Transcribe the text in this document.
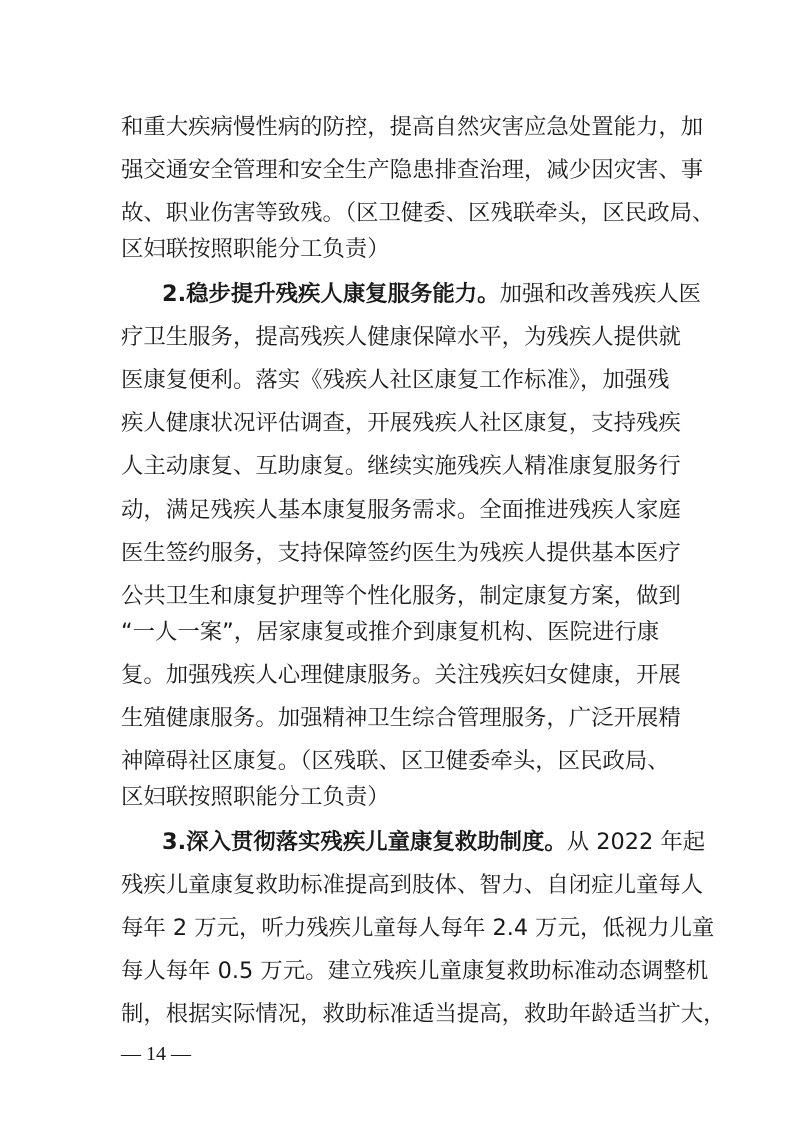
和重大疾病慢性病的防控，提高自然灾害应急处置能力，加
强交通安全管理和安全生产隐患排查治理，减少因灾害、事
故、职业伤害等致残。（区卫健委、区残联牵头，区民政局、
区妇联按照职能分工负责）
2.稳步提升残疾人康复服务能力。加强和改善残疾人医
疗卫生服务，提高残疾人健康保障水平，为残疾人提供就
医康复便利。落实《残疾人社区康复工作标准》，加强残
疾人健康状况评估调查，开展残疾人社区康复，支持残疾
人主动康复、互助康复。继续实施残疾人精准康复服务行
动，满足残疾人基本康复服务需求。全面推进残疾人家庭
医生签约服务，支持保障签约医生为残疾人提供基本医疗
公共卫生和康复护理等个性化服务，制定康复方案，做到
“一人一案”，居家康复或推介到康复机构、医院进行康
复。加强残疾人心理健康服务。关注残疾妇女健康，开展
生殖健康服务。加强精神卫生综合管理服务，广泛开展精
神障碍社区康复。（区残联、区卫健委牵头，区民政局、
区妇联按照职能分工负责）
3.深入贯彻落实残疾儿童康复救助制度。从 2022 年起
残疾儿童康复救助标准提高到肢体、智力、自闭症儿童每人
每年 2 万元，听力残疾儿童每人每年 2.4 万元，低视力儿童
每人每年 0.5 万元。建立残疾儿童康复救助标准动态调整机
制，根据实际情况，救助标准适当提高，救助年龄适当扩大，
— 14 —
